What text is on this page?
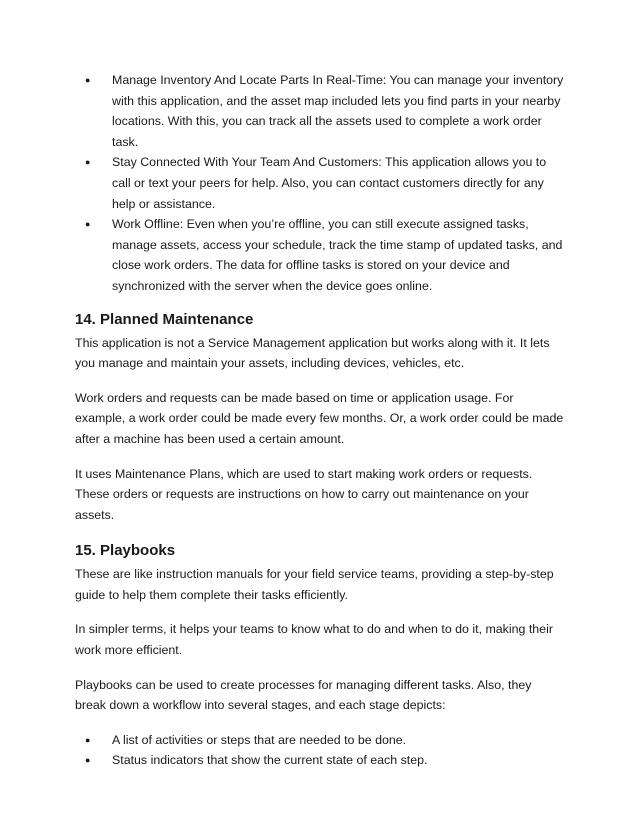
● Manage Inventory And Locate Parts In Real-Time: You can manage your inventory with this application, and the asset map included lets you find parts in your nearby locations. With this, you can track all the assets used to complete a work order task.
● Stay Connected With Your Team And Customers: This application allows you to call or text your peers for help. Also, you can contact customers directly for any help or assistance.
● Work Offline: Even when you’re offline, you can still execute assigned tasks, manage assets, access your schedule, track the time stamp of updated tasks, and close work orders. The data for offline tasks is stored on your device and synchronized with the server when the device goes online.
14. Planned Maintenance

This application is not a Service Management application but works along with it. It lets you manage and maintain your assets, including devices, vehicles, etc.

Work orders and requests can be made based on time or application usage. For example, a work order could be made every few months. Or, a work order could be made after a machine has been used a certain amount.

It uses Maintenance Plans, which are used to start making work orders or requests. These orders or requests are instructions on how to carry out maintenance on your assets.

15. Playbooks

These are like instruction manuals for your field service teams, providing a step-by-step guide to help them complete their tasks efficiently.

In simpler terms, it helps your teams to know what to do and when to do it, making their work more efficient.

Playbooks can be used to create processes for managing different tasks. Also, they break down a workflow into several stages, and each stage depicts:

● A list of activities or steps that are needed to be done.
● Status indicators that show the current state of each step.
